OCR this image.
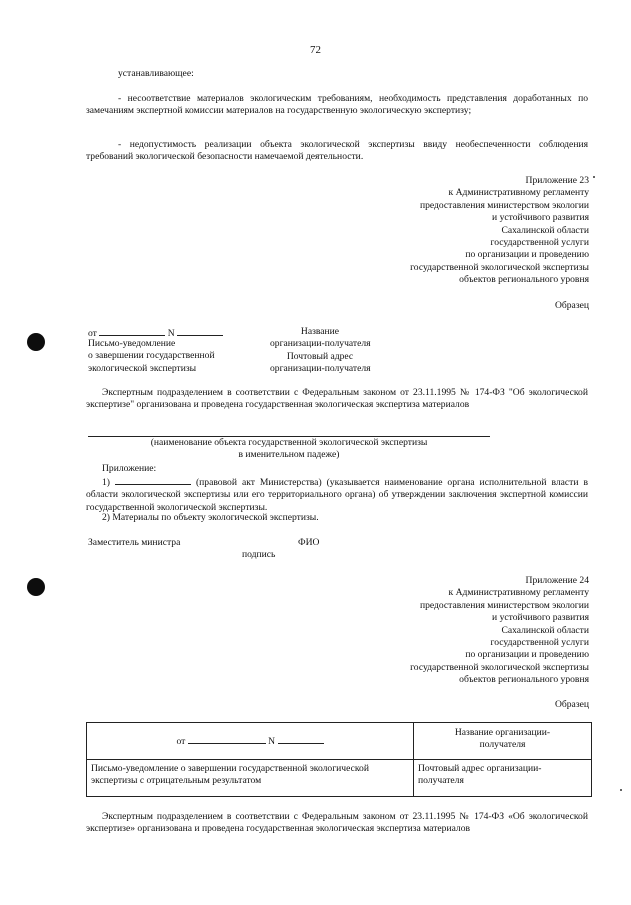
72
устанавливающее:
- несоответствие материалов экологическим требованиям, необходимость представления доработанных по замечаниям экспертной комиссии материалов на государственную экологическую экспертизу;
- недопустимость реализации объекта экологической экспертизы ввиду необеспеченности соблюдения требований экологической безопасности намечаемой деятельности.
Приложение 23
к Административному регламенту
предоставления министерством экологии
и устойчивого развития
Сахалинской области
государственной услуги
по организации и проведению
государственной экологической экспертизы
объектов регионального уровня
Образец
от	N
Письмо-уведомление
о завершении государственной
экологической экспертизы
Название
организации-получателя
Почтовый адрес
организации-получателя
Экспертным подразделением в соответствии с Федеральным законом от 23.11.1995 № 174-ФЗ "Об экологической экспертизе" организована и проведена государственная экологическая экспертиза материалов
(наименование объекта государственной экологической экспертизы
в именительном падеже)
Приложение:
1)	(правовой акт Министерства) (указывается наименование органа исполнительной власти в области экологической экспертизы или его территориального органа) об утверждении заключения экспертной комиссии государственной экологической экспертизы.
2) Материалы по объекту экологической экспертизы.
Заместитель министра	ФИО
подпись
Приложение 24
к Административному регламенту
предоставления министерством экологии
и устойчивого развития
Сахалинской области
государственной услуги
по организации и проведению
государственной экологической экспертизы
объектов регионального уровня
Образец
от N	Название организации-получателя
Письмо-уведомление о завершении государственной экологической экспертизы с отрицательным результатом	Почтовый адрес организации-получателя
Экспертным подразделением в соответствии с Федеральным законом от 23.11.1995 № 174-ФЗ «Об экологической экспертизе» организована и проведена государственная экологическая экспертиза материалов
